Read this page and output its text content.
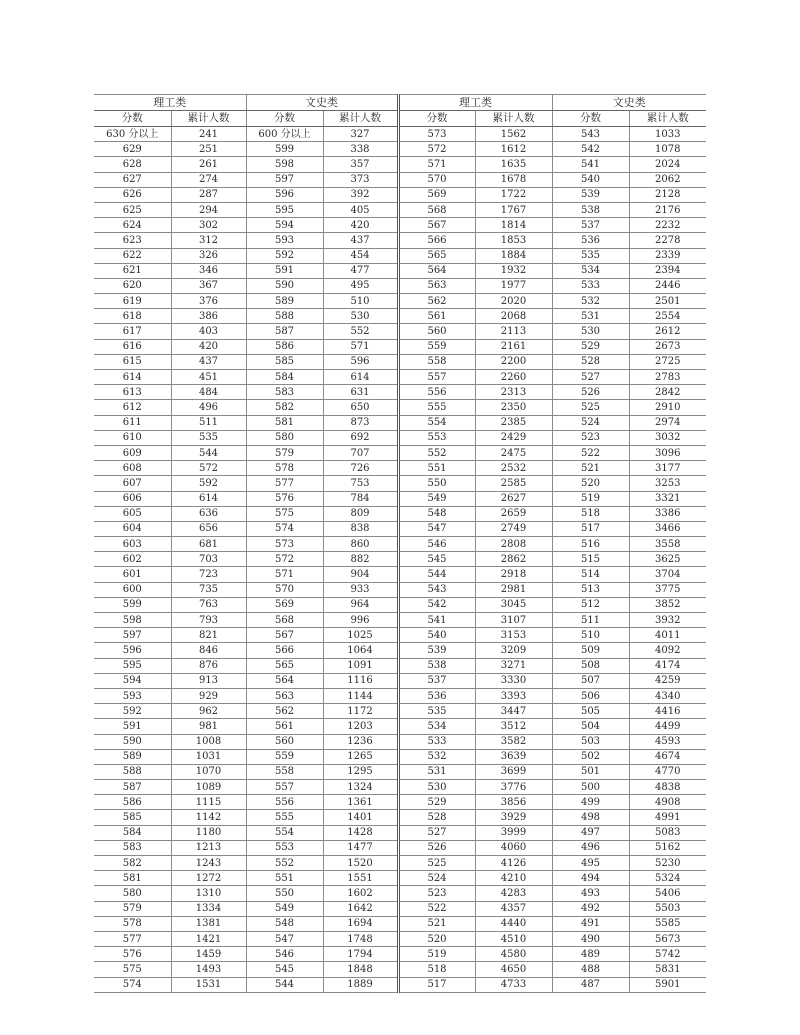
理工类		文史类		理工类		文史类	
分数	累计人数	分数	累计人数	分数	累计人数	分数	累计人数
630 分以上	241	600 分以上	327	573	1562	543	1033
629	251	599	338	572	1612	542	1078
628	261	598	357	571	1635	541	2024
627	274	597	373	570	1678	540	2062
626	287	596	392	569	1722	539	2128
625	294	595	405	568	1767	538	2176
624	302	594	420	567	1814	537	2232
623	312	593	437	566	1853	536	2278
622	326	592	454	565	1884	535	2339
621	346	591	477	564	1932	534	2394
620	367	590	495	563	1977	533	2446
619	376	589	510	562	2020	532	2501
618	386	588	530	561	2068	531	2554
617	403	587	552	560	2113	530	2612
616	420	586	571	559	2161	529	2673
615	437	585	596	558	2200	528	2725
614	451	584	614	557	2260	527	2783
613	484	583	631	556	2313	526	2842
612	496	582	650	555	2350	525	2910
611	511	581	873	554	2385	524	2974
610	535	580	692	553	2429	523	3032
609	544	579	707	552	2475	522	3096
608	572	578	726	551	2532	521	3177
607	592	577	753	550	2585	520	3253
606	614	576	784	549	2627	519	3321
605	636	575	809	548	2659	518	3386
604	656	574	838	547	2749	517	3466
603	681	573	860	546	2808	516	3558
602	703	572	882	545	2862	515	3625
601	723	571	904	544	2918	514	3704
600	735	570	933	543	2981	513	3775
599	763	569	964	542	3045	512	3852
598	793	568	996	541	3107	511	3932
597	821	567	1025	540	3153	510	4011
596	846	566	1064	539	3209	509	4092
595	876	565	1091	538	3271	508	4174
594	913	564	1116	537	3330	507	4259
593	929	563	1144	536	3393	506	4340
592	962	562	1172	535	3447	505	4416
591	981	561	1203	534	3512	504	4499
590	1008	560	1236	533	3582	503	4593
589	1031	559	1265	532	3639	502	4674
588	1070	558	1295	531	3699	501	4770
587	1089	557	1324	530	3776	500	4838
586	1115	556	1361	529	3856	499	4908
585	1142	555	1401	528	3929	498	4991
584	1180	554	1428	527	3999	497	5083
583	1213	553	1477	526	4060	496	5162
582	1243	552	1520	525	4126	495	5230
581	1272	551	1551	524	4210	494	5324
580	1310	550	1602	523	4283	493	5406
579	1334	549	1642	522	4357	492	5503
578	1381	548	1694	521	4440	491	5585
577	1421	547	1748	520	4510	490	5673
576	1459	546	1794	519	4580	489	5742
575	1493	545	1848	518	4650	488	5831
574	1531	544	1889	517	4733	487	5901
